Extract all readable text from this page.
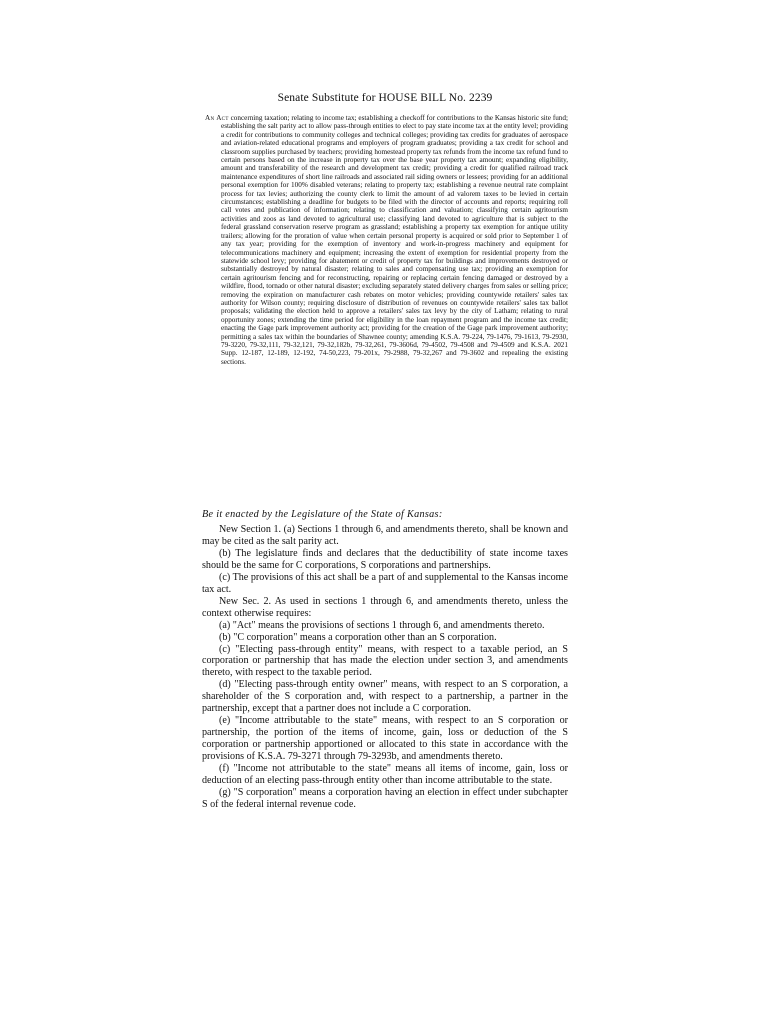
Senate Substitute for HOUSE BILL No. 2239
An Act concerning taxation; relating to income tax; establishing a checkoff for contributions to the Kansas historic site fund; establishing the salt parity act to allow pass-through entities to elect to pay state income tax at the entity level; providing a credit for contributions to community colleges and technical colleges; providing tax credits for graduates of aerospace and aviation-related educational programs and employers of program graduates; providing a tax credit for school and classroom supplies purchased by teachers; providing homestead property tax refunds from the income tax refund fund to certain persons based on the increase in property tax over the base year property tax amount; expanding eligibility, amount and transferability of the research and development tax credit; providing a credit for qualified railroad track maintenance expenditures of short line railroads and associated rail siding owners or lessees; providing for an additional personal exemption for 100% disabled veterans; relating to property tax; establishing a revenue neutral rate complaint process for tax levies; authorizing the county clerk to limit the amount of ad valorem taxes to be levied in certain circumstances; establishing a deadline for budgets to be filed with the director of accounts and reports; requiring roll call votes and publication of information; relating to classification and valuation; classifying certain agritourism activities and zoos as land devoted to agricultural use; classifying land devoted to agriculture that is subject to the federal grassland conservation reserve program as grassland; establishing a property tax exemption for antique utility trailers; allowing for the proration of value when certain personal property is acquired or sold prior to September 1 of any tax year; providing for the exemption of inventory and work-in-progress machinery and equipment for telecommunications machinery and equipment; increasing the extent of exemption for residential property from the statewide school levy; providing for abatement or credit of property tax for buildings and improvements destroyed or substantially destroyed by natural disaster; relating to sales and compensating use tax; providing an exemption for certain agritourism fencing and for reconstructing, repairing or replacing certain fencing damaged or destroyed by a wildfire, flood, tornado or other natural disaster; excluding separately stated delivery charges from sales or selling price; removing the expiration on manufacturer cash rebates on motor vehicles; providing countywide retailers' sales tax authority for Wilson county; requiring disclosure of distribution of revenues on countywide retailers' sales tax ballot proposals; validating the election held to approve a retailers' sales tax levy by the city of Latham; relating to rural opportunity zones; extending the time period for eligibility in the loan repayment program and the income tax credit; enacting the Gage park improvement authority act; providing for the creation of the Gage park improvement authority; permitting a sales tax within the boundaries of Shawnee county; amending K.S.A. 79-224, 79-1476, 79-1613, 79-2930, 79-3220, 79-32,111, 79-32,121, 79-32,182b, 79-32,261, 79-3606d, 79-4502, 79-4508 and 79-4509 and K.S.A. 2021 Supp. 12-187, 12-189, 12-192, 74-50,223, 79-201x, 79-2988, 79-32,267 and 79-3602 and repealing the existing sections.
Be it enacted by the Legislature of the State of Kansas:

New Section 1. (a) Sections 1 through 6, and amendments thereto, shall be known and may be cited as the salt parity act.

(b) The legislature finds and declares that the deductibility of state income taxes should be the same for C corporations, S corporations and partnerships.

(c) The provisions of this act shall be a part of and supplemental to the Kansas income tax act.

New Sec. 2. As used in sections 1 through 6, and amendments thereto, unless the context otherwise requires:

(a) "Act" means the provisions of sections 1 through 6, and amendments thereto.

(b) "C corporation" means a corporation other than an S corporation.

(c) "Electing pass-through entity" means, with respect to a taxable period, an S corporation or partnership that has made the election under section 3, and amendments thereto, with respect to the taxable period.

(d) "Electing pass-through entity owner" means, with respect to an S corporation, a shareholder of the S corporation and, with respect to a partnership, a partner in the partnership, except that a partner does not include a C corporation.

(e) "Income attributable to the state" means, with respect to an S corporation or partnership, the portion of the items of income, gain, loss or deduction of the S corporation or partnership apportioned or allocated to this state in accordance with the provisions of K.S.A. 79-3271 through 79-3293b, and amendments thereto.

(f) "Income not attributable to the state" means all items of income, gain, loss or deduction of an electing pass-through entity other than income attributable to the state.

(g) "S corporation" means a corporation having an election in effect under subchapter S of the federal internal revenue code.
